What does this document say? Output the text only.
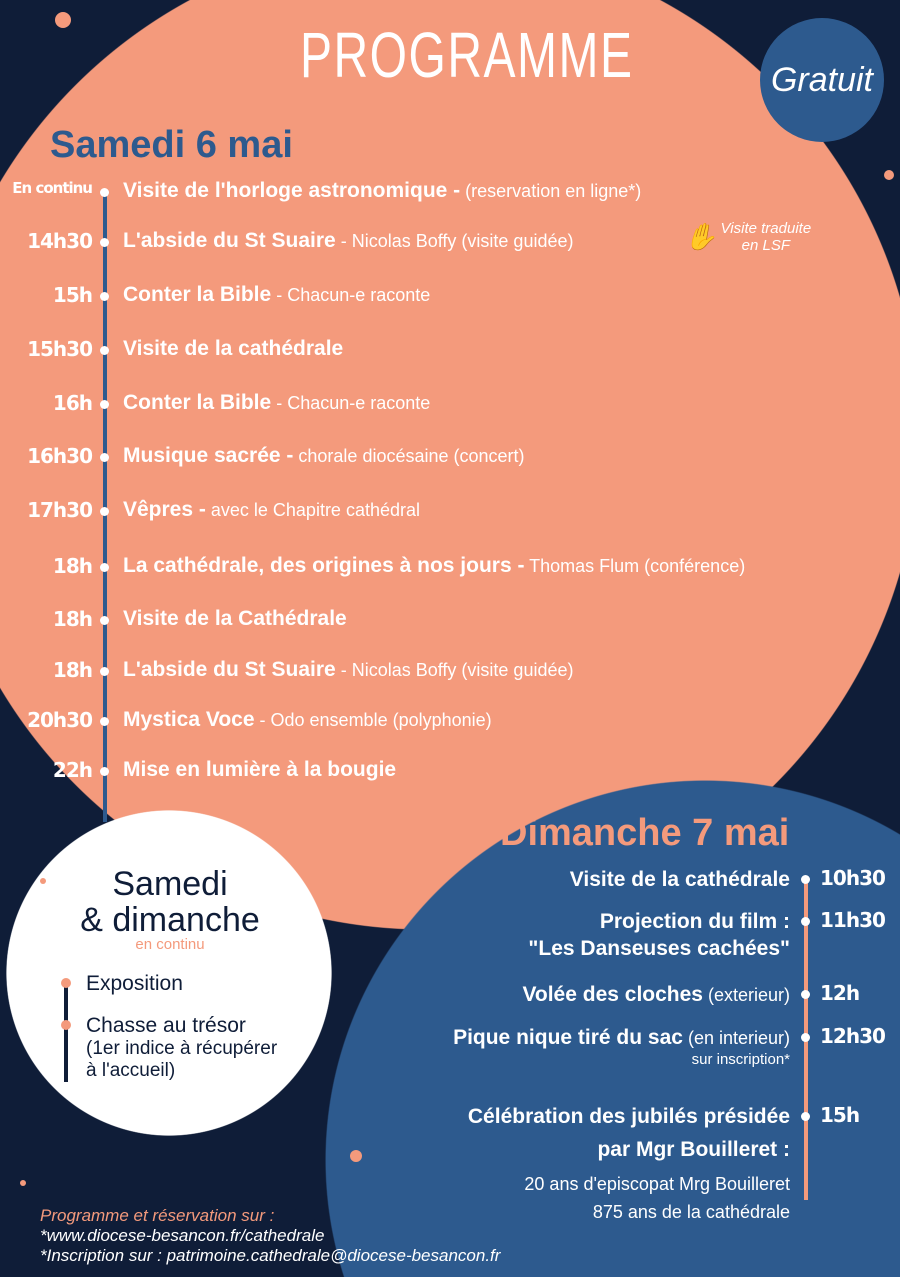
PROGRAMME	Gratuit
Samedi 6 mai
En continu Visite de l'horloge astronomique - (reservation en ligne*)
14h30 L'abside du St Suaire - Nicolas Boffy (visite guidée)
15h Conter la Bible - Chacun-e raconte
15h30 Visite de la cathédrale
16h Conter la Bible - Chacun-e raconte
16h30 Musique sacrée - chorale diocésaine (concert)
17h30 Vêpres - avec le Chapitre cathédral
18h La cathédrale, des origines à nos jours - Thomas Flum (conférence)
18h Visite de la Cathédrale
18h L'abside du St Suaire - Nicolas Boffy (visite guidée)
20h30 Mystica Voce - Odo ensemble (polyphonie)
22h Mise en lumière à la bougie
✋ Visite traduite
en LSF
Samedi
& dimanche
en continu
Exposition
Chasse au trésor
(1er indice à récupérer
à l'accueil)
Dimanche 7 mai
10h30
Visite de la cathédrale
11h30
Projection du film :
"Les Danseuses cachées"
12h
Volée des cloches (exterieur)
12h30
Pique nique tiré du sac (en interieur)

sur inscription*
15h
Célébration des jubilés présidée
par Mgr Bouilleret :
20 ans d'episcopat Mrg Bouilleret
875 ans de la cathédrale
Programme et réservation sur :
*www.diocese-besancon.fr/cathedrale
*Inscription sur : patrimoine.cathedrale@diocese-besancon.fr
